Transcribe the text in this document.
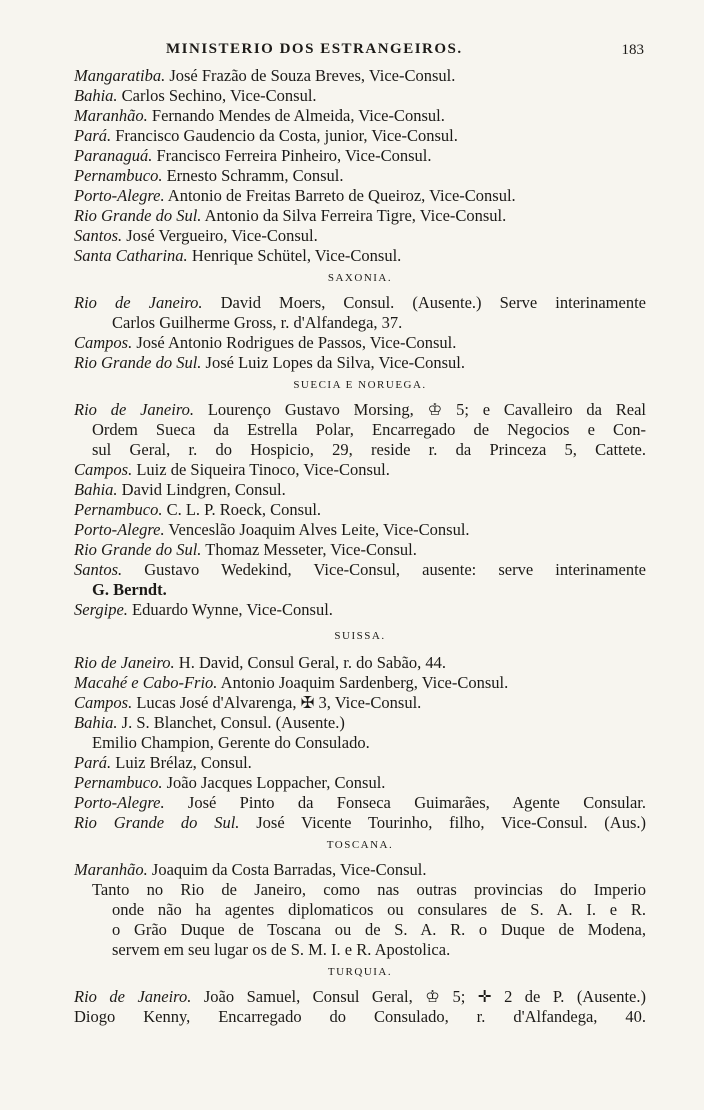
MINISTERIO DOS ESTRANGEIROS.	183
Mangaratiba. José Frazão de Souza Breves, Vice-Consul.
Bahia. Carlos Sechino, Vice-Consul.
Maranhão. Fernando Mendes de Almeida, Vice-Consul.
Pará. Francisco Gaudencio da Costa, junior, Vice-Consul.
Paranaguá. Francisco Ferreira Pinheiro, Vice-Consul.
Pernambuco. Ernesto Schramm, Consul.
Porto-Alegre. Antonio de Freitas Barreto de Queiroz, Vice-Consul.
Rio Grande do Sul. Antonio da Silva Ferreira Tigre, Vice-Consul.
Santos. José Vergueiro, Vice-Consul.
Santa Catharina. Henrique Schütel, Vice-Consul.
SAXONIA.
Rio de Janeiro. David Moers, Consul. (Ausente.) Serve interinamente
Carlos Guilherme Gross, r. d'Alfandega, 37.
Campos. José Antonio Rodrigues de Passos, Vice-Consul.
Rio Grande do Sul. José Luiz Lopes da Silva, Vice-Consul.
SUECIA E NORUEGA.
Rio de Janeiro. Lourenço Gustavo Morsing, ♔ 5; e Cavalleiro da Real
Ordem Sueca da Estrella Polar, Encarregado de Negocios e Con-
sul Geral, r. do Hospicio, 29, reside r. da Princeza 5, Cattete.
Campos. Luiz de Siqueira Tinoco, Vice-Consul.
Bahia. David Lindgren, Consul.
Pernambuco. C. L. P. Roeck, Consul.
Porto-Alegre. Venceslão Joaquim Alves Leite, Vice-Consul.
Rio Grande do Sul. Thomaz Messeter, Vice-Consul.
Santos. Gustavo Wedekind, Vice-Consul, ausente: serve interinamente
G. Berndt.
Sergipe. Eduardo Wynne, Vice-Consul.
SUISSA.
Rio de Janeiro. H. David, Consul Geral, r. do Sabão, 44.
Macahé e Cabo-Frio. Antonio Joaquim Sardenberg, Vice-Consul.
Campos. Lucas José d'Alvarenga, ✠ 3, Vice-Consul.
Bahia. J. S. Blanchet, Consul. (Ausente.)
Emilio Champion, Gerente do Consulado.
Pará. Luiz Brélaz, Consul.
Pernambuco. João Jacques Loppacher, Consul.
Porto-Alegre. José Pinto da Fonseca Guimarães, Agente Consular.
Rio Grande do Sul. José Vicente Tourinho, filho, Vice-Consul. (Aus.)
TOSCANA.
Maranhão. Joaquim da Costa Barradas, Vice-Consul.
Tanto no Rio de Janeiro, como nas outras provincias do Imperio
onde não ha agentes diplomaticos ou consulares de S. A. I. e R.
o Grão Duque de Toscana ou de S. A. R. o Duque de Modena,
servem em seu lugar os de S. M. I. e R. Apostolica.
TURQUIA.
Rio de Janeiro. João Samuel, Consul Geral, ♔ 5; ✛ 2 de P. (Ausente.)
Diogo Kenny, Encarregado do Consulado, r. d'Alfandega, 40.
